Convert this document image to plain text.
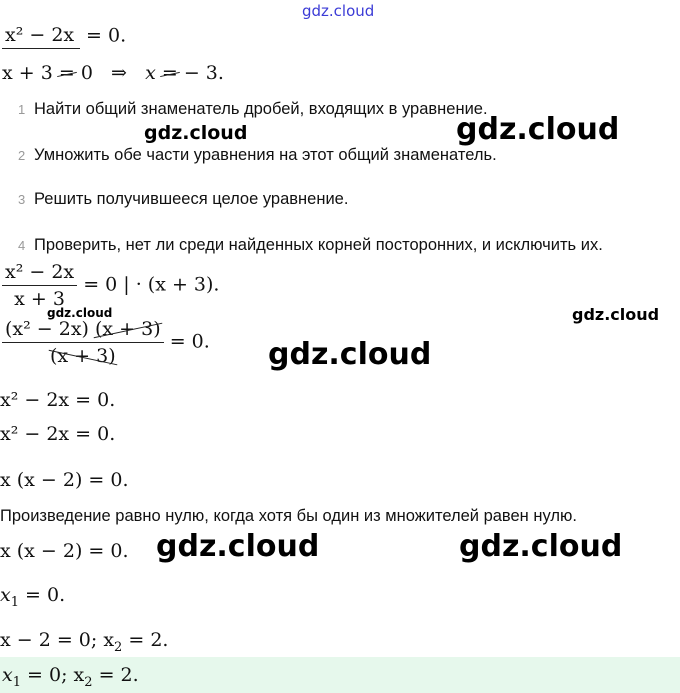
gdz.cloud
gdz.cloud	gdz.cloud
gdz.cloud	gdz.cloud
gdz.cloud
gdz.cloud	gdz.cloud
x² − 2x = 0.
x + 3 = 0 ⇒ x = − 3.
1 Найти общий знаменатель дробей, входящих в уравнение.
2 Умножить обе части уравнения на этот общий знаменатель.
3 Решить получившееся целое уравнение.
4 Проверить, нет ли среди найденных корней посторонних, и исключить их.
$\frac{\text{x² − 2x}}{x + 3} = 0$ | · (x + 3).
$\frac{\text{(x² − 2x) (x + 3)}}{(x + 3)} = 0$.
x² − 2x = 0.
x² − 2x = 0.
x (x − 2) = 0.
Произведение равно нулю, когда хотя бы один из множителей равен нулю.
x (x − 2) = 0.
$x_1 = 0$.
x − 2 = 0; $x_2 = 2$.
$x_1 = 0$; $x_2 = 2$.
